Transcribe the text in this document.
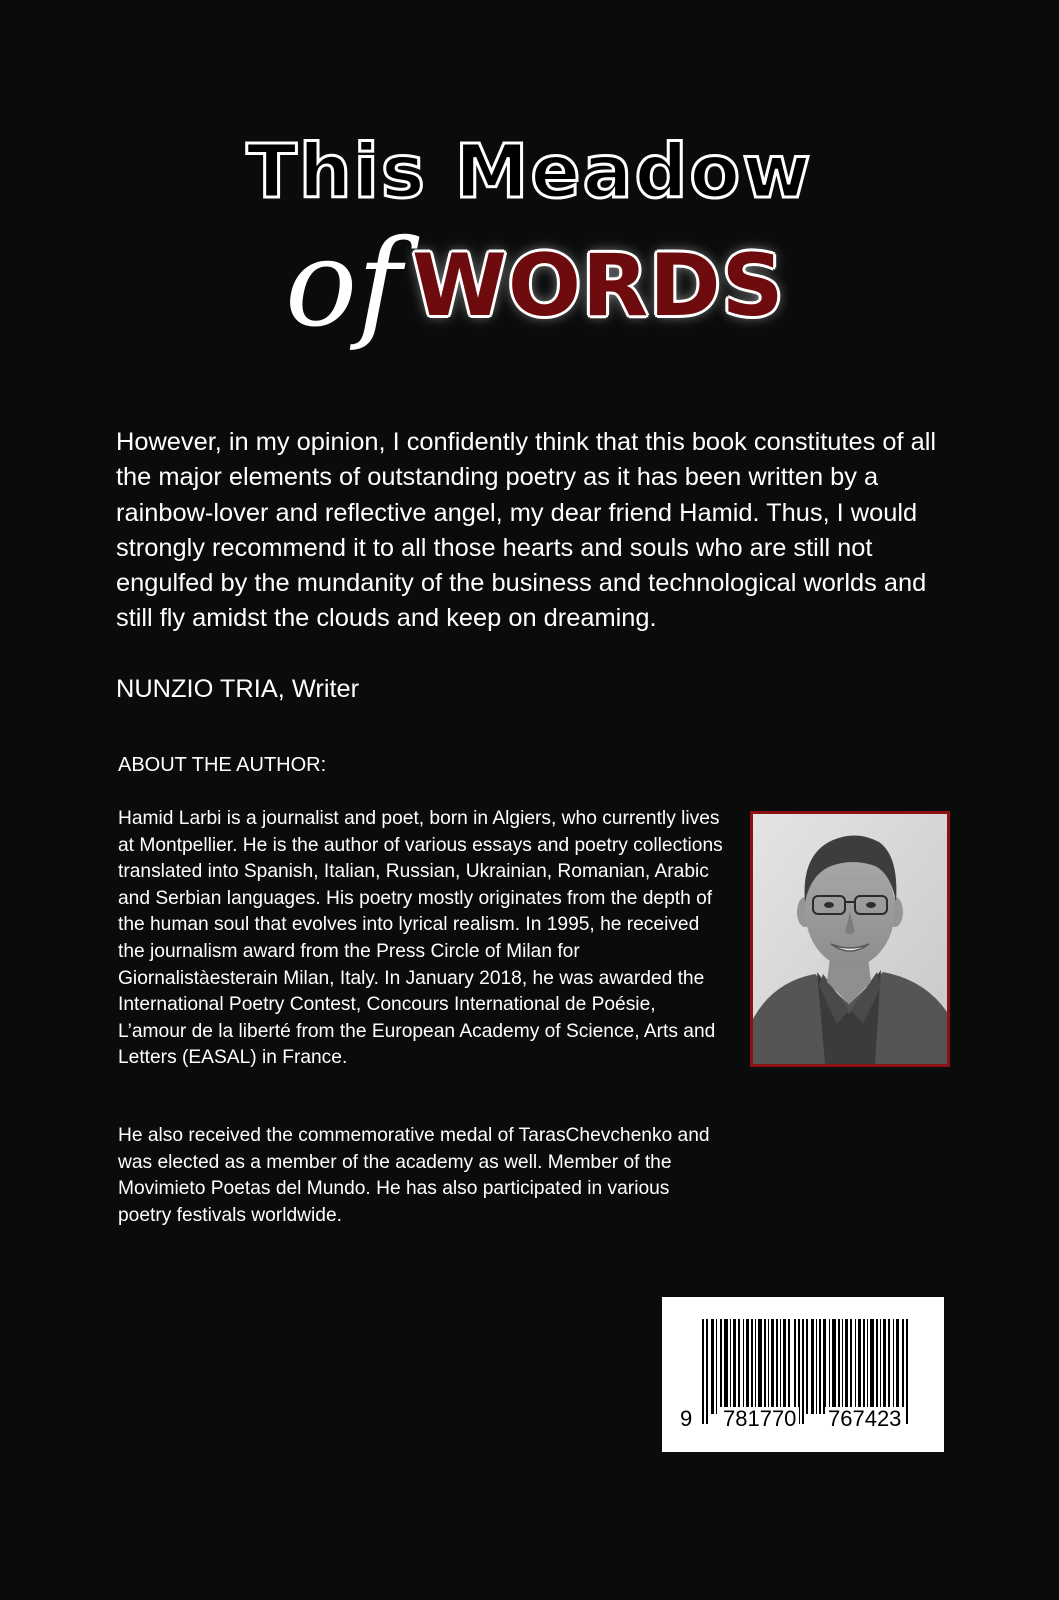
This Meadow
of WORDS

However, in my opinion, I confidently think that this book constitutes of all the major elements of outstanding poetry as it has been written by a rainbow-lover and reflective angel, my dear friend Hamid. Thus, I would strongly recommend it to all those hearts and souls who are still not engulfed by the mundanity of the business and technological worlds and still fly amidst the clouds and keep on dreaming.

NUNZIO TRIA, Writer
ABOUT THE AUTHOR:

Hamid Larbi is a journalist and poet, born in Algiers, who currently lives at Montpellier. He is the author of various essays and poetry collections translated into Spanish, Italian, Russian, Ukrainian, Romanian, Arabic and Serbian languages. His poetry mostly originates from the depth of the human soul that evolves into lyrical realism. In 1995, he received the journalism award from the Press Circle of Milan for Giornalistàesterain Milan, Italy. In January 2018, he was awarded the International Poetry Contest, Concours International de Poésie, L’amour de la liberté from the European Academy of Science, Arts and Letters (EASAL) in France.

He also received the commemorative medal of TarasChevchenko and was elected as a member of the academy as well. Member of the Movimieto Poetas del Mundo. He has also participated in various poetry festivals worldwide.

9 781770 767423
